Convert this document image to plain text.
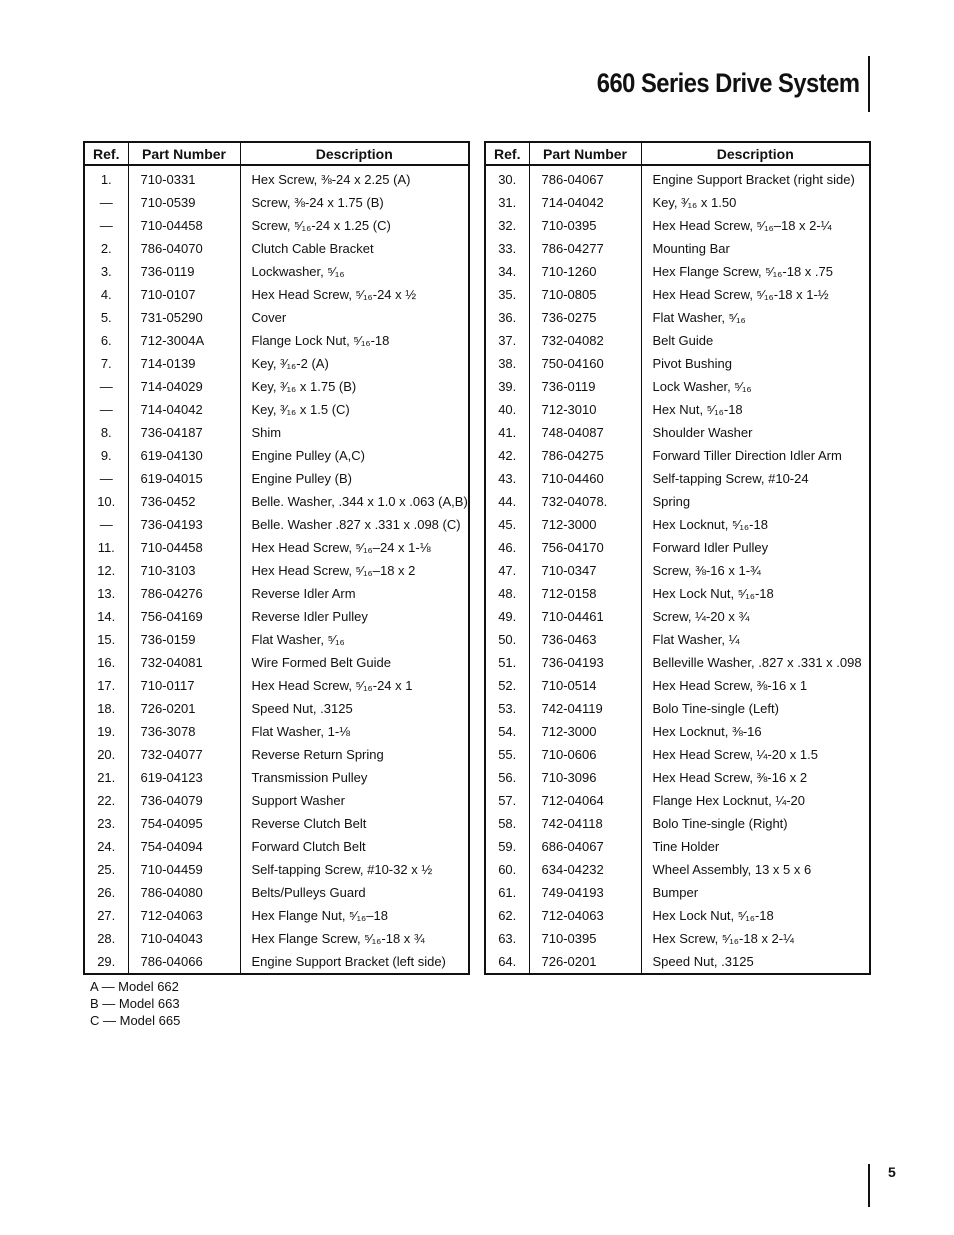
660 Series Drive System
Ref.	Part Number	Description
1.	710-0331	Hex Screw, ⅜-24 x 2.25 (A)
—	710-0539	Screw, ⅜-24 x 1.75 (B)
—	710-04458	Screw, ⁵⁄₁₆-24 x 1.25 (C)
2.	786-04070	Clutch Cable Bracket
3.	736-0119	Lockwasher, ⁵⁄₁₆
4.	710-0107	Hex Head Screw, ⁵⁄₁₆-24 x ½
5.	731-05290	Cover
6.	712-3004A	Flange Lock Nut, ⁵⁄₁₆-18
7.	714-0139	Key, ³⁄₁₆-2 (A)
—	714-04029	Key, ³⁄₁₆ x 1.75 (B)
—	714-04042	Key, ³⁄₁₆ x 1.5 (C)
8.	736-04187	Shim
9.	619-04130	Engine Pulley (A,C)
—	619-04015	Engine Pulley (B)
10.	736-0452	Belle. Washer, .344 x 1.0 x .063 (A,B)
—	736-04193	Belle. Washer .827 x .331 x .098 (C)
11.	710-04458	Hex Head Screw, ⁵⁄₁₆–24 x 1-⅛
12.	710-3103	Hex Head Screw, ⁵⁄₁₆–18 x 2
13.	786-04276	Reverse Idler Arm
14.	756-04169	Reverse Idler Pulley
15.	736-0159	Flat Washer, ⁵⁄₁₆
16.	732-04081	Wire Formed Belt Guide
17.	710-0117	Hex Head Screw, ⁵⁄₁₆-24 x 1
18.	726-0201	Speed Nut, .3125
19.	736-3078	Flat Washer, 1-⅛
20.	732-04077	Reverse Return Spring
21.	619-04123	Transmission Pulley
22.	736-04079	Support Washer
23.	754-04095	Reverse Clutch Belt
24.	754-04094	Forward Clutch Belt
25.	710-04459	Self-tapping Screw, #10-32 x ½
26.	786-04080	Belts/Pulleys Guard
27.	712-04063	Hex Flange Nut, ⁵⁄₁₆–18
28.	710-04043	Hex Flange Screw, ⁵⁄₁₆-18 x ¾
29.	786-04066	Engine Support Bracket (left side)
Ref.	Part Number	Description
30.	786-04067	Engine Support Bracket (right side)
31.	714-04042	Key, ³⁄₁₆ x 1.50
32.	710-0395	Hex Head Screw, ⁵⁄₁₆–18 x 2-¼
33.	786-04277	Mounting Bar
34.	710-1260	Hex Flange Screw, ⁵⁄₁₆-18 x .75
35.	710-0805	Hex Head Screw, ⁵⁄₁₆-18 x 1-½
36.	736-0275	Flat Washer, ⁵⁄₁₆
37.	732-04082	Belt Guide
38.	750-04160	Pivot Bushing
39.	736-0119	Lock Washer, ⁵⁄₁₆
40.	712-3010	Hex Nut, ⁵⁄₁₆-18
41.	748-04087	Shoulder Washer
42.	786-04275	Forward Tiller Direction Idler Arm
43.	710-04460	Self-tapping Screw, #10-24
44.	732-04078.	Spring
45.	712-3000	Hex Locknut, ⁵⁄₁₆-18
46.	756-04170	Forward Idler Pulley
47.	710-0347	Screw, ⅜-16 x 1-¾
48.	712-0158	Hex Lock Nut, ⁵⁄₁₆-18
49.	710-04461	Screw, ¼-20 x ¾
50.	736-0463	Flat Washer, ¼
51.	736-04193	Belleville Washer, .827 x .331 x .098
52.	710-0514	Hex Head Screw, ⅜-16 x 1
53.	742-04119	Bolo Tine-single (Left)
54.	712-3000	Hex Locknut, ⅜-16
55.	710-0606	Hex Head Screw, ¼-20 x 1.5
56.	710-3096	Hex Head Screw, ⅜-16 x 2
57.	712-04064	Flange Hex Locknut, ¼-20
58.	742-04118	Bolo Tine-single (Right)
59.	686-04067	Tine Holder
60.	634-04232	Wheel Assembly, 13 x 5 x 6
61.	749-04193	Bumper
62.	712-04063	Hex Lock Nut, ⁵⁄₁₆-18
63.	710-0395	Hex Screw, ⁵⁄₁₆-18 x 2-¼
64.	726-0201	Speed Nut, .3125
A — Model 662
B — Model 663
C — Model 665
5
